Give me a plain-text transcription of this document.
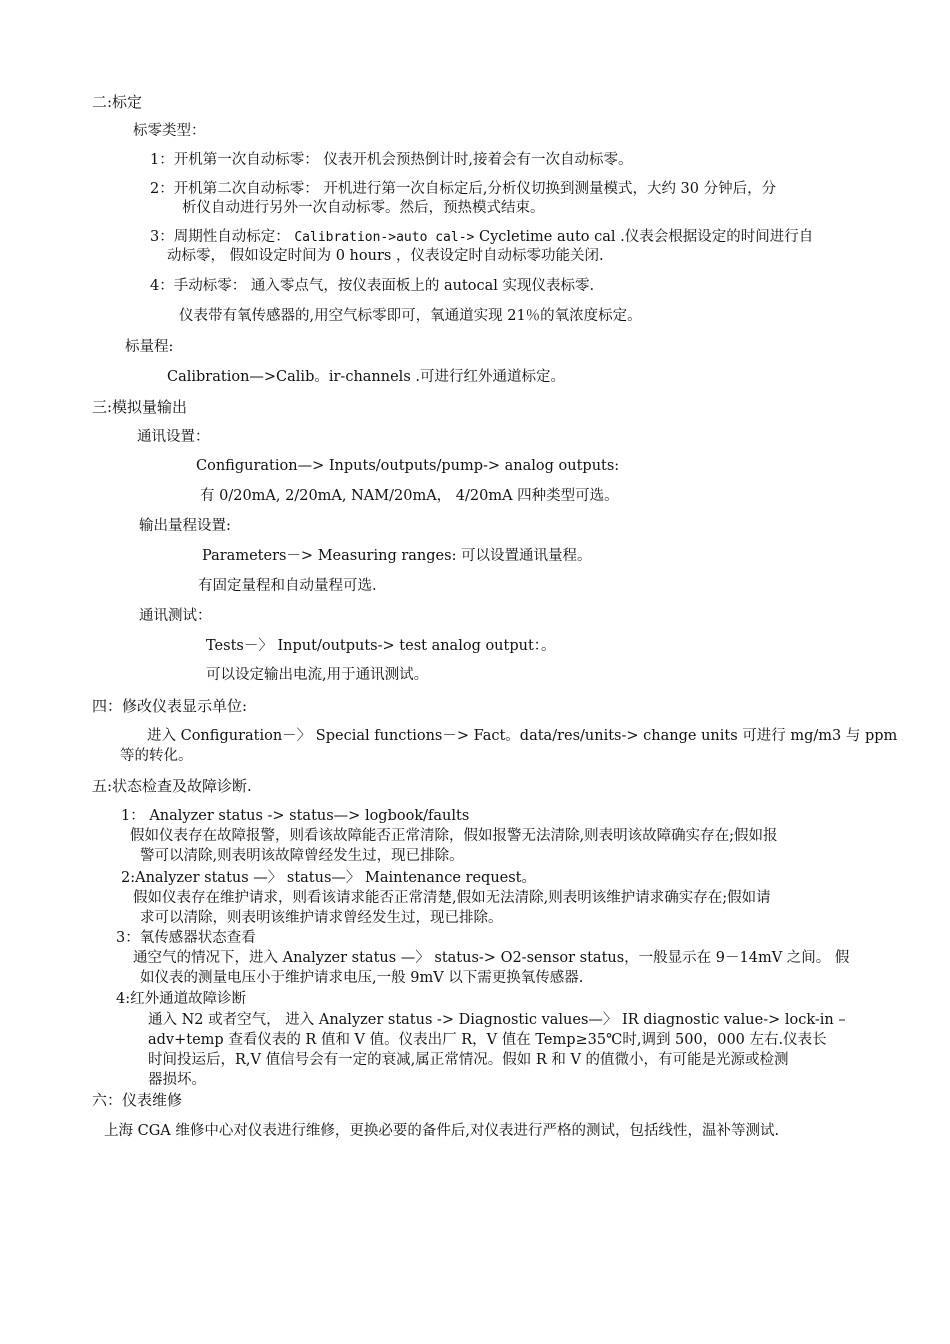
二:标定
标零类型：
1：开机第一次自动标零： 仪表开机会预热倒计时,接着会有一次自动标零。
2：开机第二次自动标零： 开机进行第一次自标定后,分析仪切换到测量模式，大约 30 分钟后，分
析仪自动进行另外一次自动标零。然后，预热模式结束。
3：周期性自动标定： Calibration->auto cal-> Cycletime auto cal .仪表会根据设定的时间进行自
动标零， 假如设定时间为 0 hours ，仪表设定时自动标零功能关闭.
4：手动标零： 通入零点气，按仪表面板上的 autocal 实现仪表标零.
仪表带有氧传感器的,用空气标零即可，氧通道实现 21％的氧浓度标定。
标量程:
Calibration—>Calib。ir-channels .可进行红外通道标定。
三:模拟量输出
通讯设置：
Configuration—> Inputs/outputs/pump-> analog outputs:
有 0/20mA, 2/20mA, NAM/20mA， 4/20mA 四种类型可选。
输出量程设置:
Parameters－> Measuring ranges: 可以设置通讯量程。
有固定量程和自动量程可选.
通讯测试：
Tests－〉 Input/outputs-> test analog output：。
可以设定输出电流,用于通讯测试。
四：修改仪表显示单位:
进入 Configuration－〉 Special functions－> Fact。data/res/units-> change units 可进行 mg/m3 与 ppm
等的转化。
五:状态检查及故障诊断.
1： Analyzer status -> status—> logbook/faults
假如仪表存在故障报警，则看该故障能否正常清除，假如报警无法清除,则表明该故障确实存在;假如报
警可以清除,则表明该故障曾经发生过，现已排除。
2:Analyzer status —〉 status—〉 Maintenance request。
假如仪表存在维护请求，则看该请求能否正常清楚,假如无法清除,则表明该维护请求确实存在;假如请
求可以清除，则表明该维护请求曾经发生过，现已排除。
3：氧传感器状态查看
通空气的情况下，进入 Analyzer status —〉 status-> O2-sensor status，一般显示在 9－14mV 之间。 假
如仪表的测量电压小于维护请求电压,一般 9mV 以下需更换氧传感器.
4:红外通道故障诊断
通入 N2 或者空气， 进入 Analyzer status -> Diagnostic values—〉 IR diagnostic value-> lock-in –
adv+temp 查看仪表的 R 值和 V 值。仪表出厂 R，V 值在 Temp≥35℃时,调到 500，000 左右.仪表长
时间投运后，R,V 值信号会有一定的衰减,属正常情况。假如 R 和 V 的值微小，有可能是光源或检测
器损坏。
六：仪表维修
上海 CGA 维修中心对仪表进行维修，更换必要的备件后,对仪表进行严格的测试，包括线性，温补等测试.
